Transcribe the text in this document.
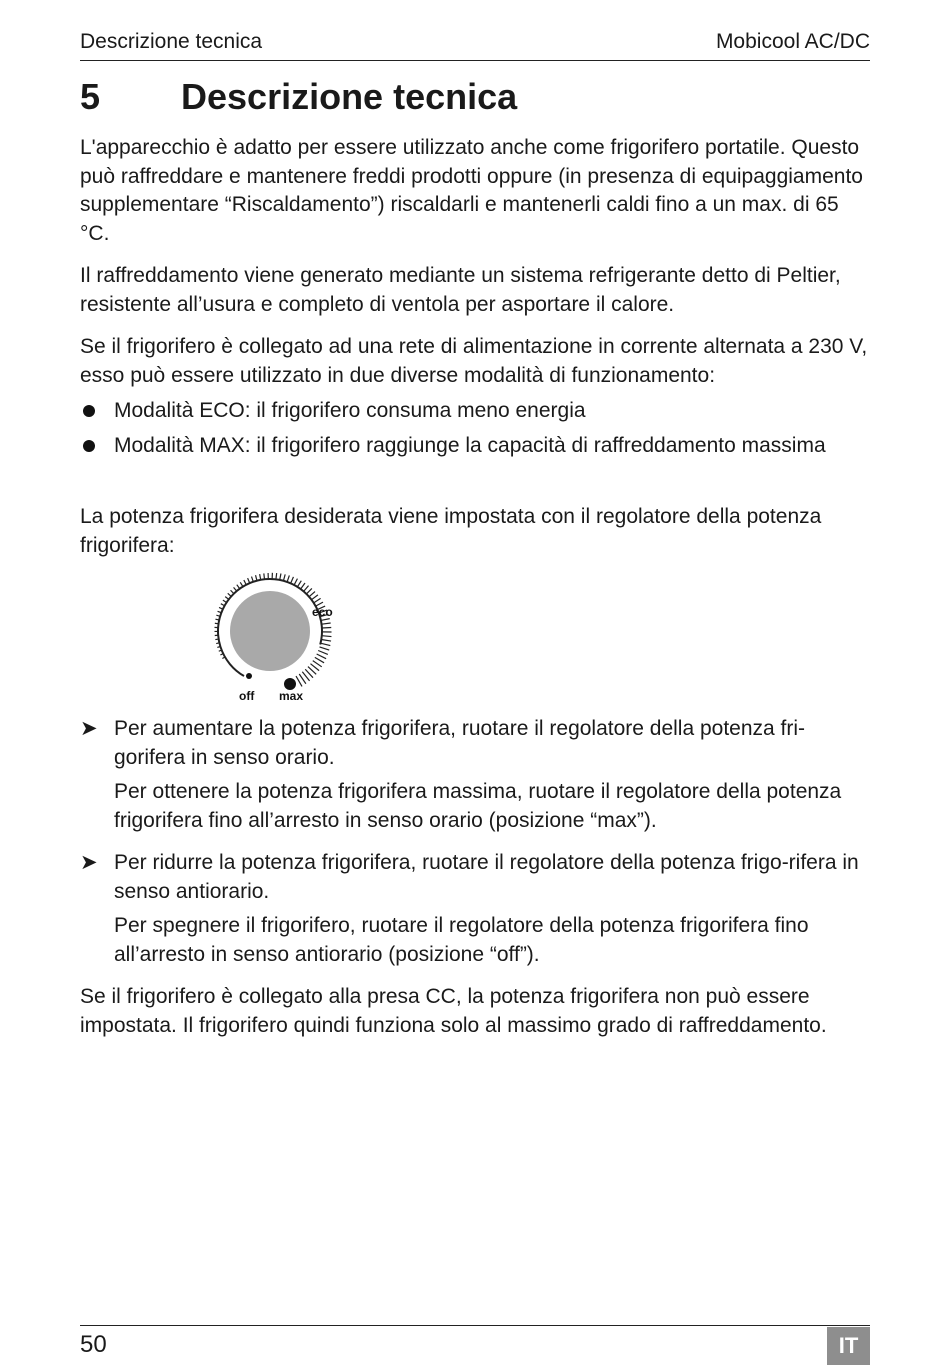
Descrizione tecnica	Mobicool AC/DC
5 Descrizione tecnica

L'apparecchio è adatto per essere utilizzato anche come frigorifero portatile. Questo può raffreddare e mantenere freddi prodotti oppure (in presenza di equipaggiamento supplementare “Riscaldamento”) riscaldarli e mantenerli caldi fino a un max. di 65 °C.

Il raffreddamento viene generato mediante un sistema refrigerante detto di Peltier, resistente all’usura e completo di ventola per asportare il calore.

Se il frigorifero è collegato ad una rete di alimentazione in corrente alternata a 230 V, esso può essere utilizzato in due diverse modalità di funzionamento:

Modalità ECO: il frigorifero consuma meno energia
Modalità MAX: il frigorifero raggiunge la capacità di raffreddamento massima

La potenza frigorifera desiderata viene impostata con il regolatore della potenza frigorifera:

eco
off max
➤ Per aumentare la potenza frigorifera, ruotare il regolatore della potenza fri-gorifera in senso orario.

Per ottenere la potenza frigorifera massima, ruotare il regolatore della potenza frigorifera fino all’arresto in senso orario (posizione “max”).

➤ Per ridurre la potenza frigorifera, ruotare il regolatore della potenza frigo-rifera in senso antiorario.

Per spegnere il frigorifero, ruotare il regolatore della potenza frigorifera fino all’arresto in senso antiorario (posizione “off”).

Se il frigorifero è collegato alla presa CC, la potenza frigorifera non può essere impostata. Il frigorifero quindi funziona solo al massimo grado di raffreddamento.

50	IT
